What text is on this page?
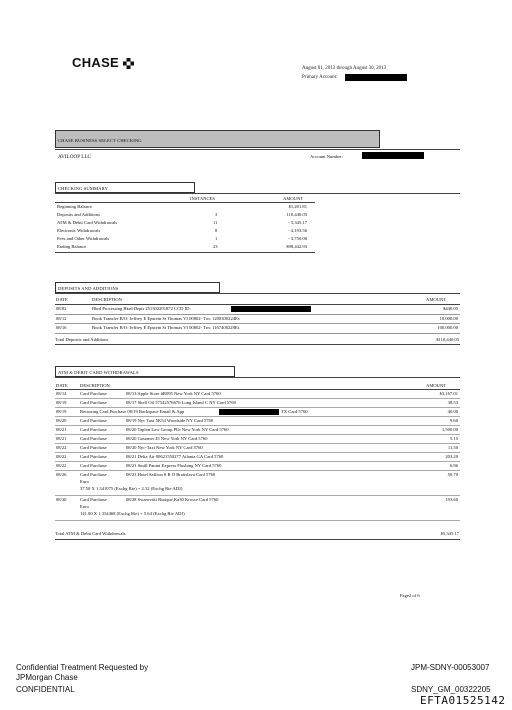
CHASE	August 01, 2013 through August 30, 2013
Primary Account:
CHASE BUSINESS SELECT CHECKING
AVILOOP LLC	Account Number:
CHECKING SUMMARY
INSTANCES	AMOUNT
Beginning Balance	$1,201.81
Deposits and Additions	3	110,440.05
ATM & Debit Card Withdrawals	11	- 5,345.17
Electronic Withdrawals	8	- 4,193.56
Fees and Other Withdrawals	1	- 3,750.00
Ending Balance	23	$98,442.93
DEPOSITS AND ADDITIONS
DATE	DESCRIPTION	AMOUNT
08/02	Bkrd Processing Bkrd Deptr 251302291872 CCD ID:	$440.05
08/12	Book Transfer B/O: Jeffrey E Epstein St Thomas VI 00802- Trn: 1208300224Es	10,000.00
08/16	Book Transfer B/O: Jeffrey E Epstein St Thomas VI 00802- Trn: 1167400228Es	100,000.00
Total Deposits and Additions	$110,440.05
ATM & DEBIT CARD WITHDRAWALS
DATE	DESCRIPTION	AMOUNT
08/14	Card Purchase	08/13 Apple Store #R095 New York NY Card 5760	$3,167.01
08/19	Card Purchase	08/17 Shell Oil 57542576676 Long Island C NY Card 5760	38.53
08/19	Recurring Card Purchase 08/19 Rackspace Email & App	TX Card 5760	40.00
08/20	Card Purchase	08/19 Nyc Taxi 5K54 Woodside NY Card 5760	9.60
08/21	Card Purchase	08/20 Taplon Law Group Pllc New York NY Card 5760	1,500.00
08/21	Card Purchase	08/20 Gourmet 45 New York NY Card 5760	5.15
08/22	Card Purchase	08/20 Nyc-Taxi New York NY Card 5760	11.50
08/22	Card Purchase	08/21 Delta Air 00621550277 Atlanta GA Card 5760	203.20
08/22	Card Purchase	08/21 Smill Panini Express Flushing NY Card 5760	6.86
08/26	Card Purchase	08/23 Hotel Saffron S R O Bratislava Card 5760
Euro
37.50 X 1.341075 (Exchg Rte) + 2.32 (Exchg Rte ADJ)
50.70
08/30	Card Purchase	08/28 Swarovski Butique,Ka30 Krosce Card 5760
Euro
141.00 X 1.334468 (Exchg Rte) + 5.64 (Exchg Rte ADJ)
193.60
Total ATM & Debit Card Withdrawals	$5,345.17
Page2 of 6
Confidential Treatment Requested by
JPMorgan Chase
CONFIDENTIAL
JPM-SDNY-00053007
SDNY_GM_00322205
EFTA01525142
